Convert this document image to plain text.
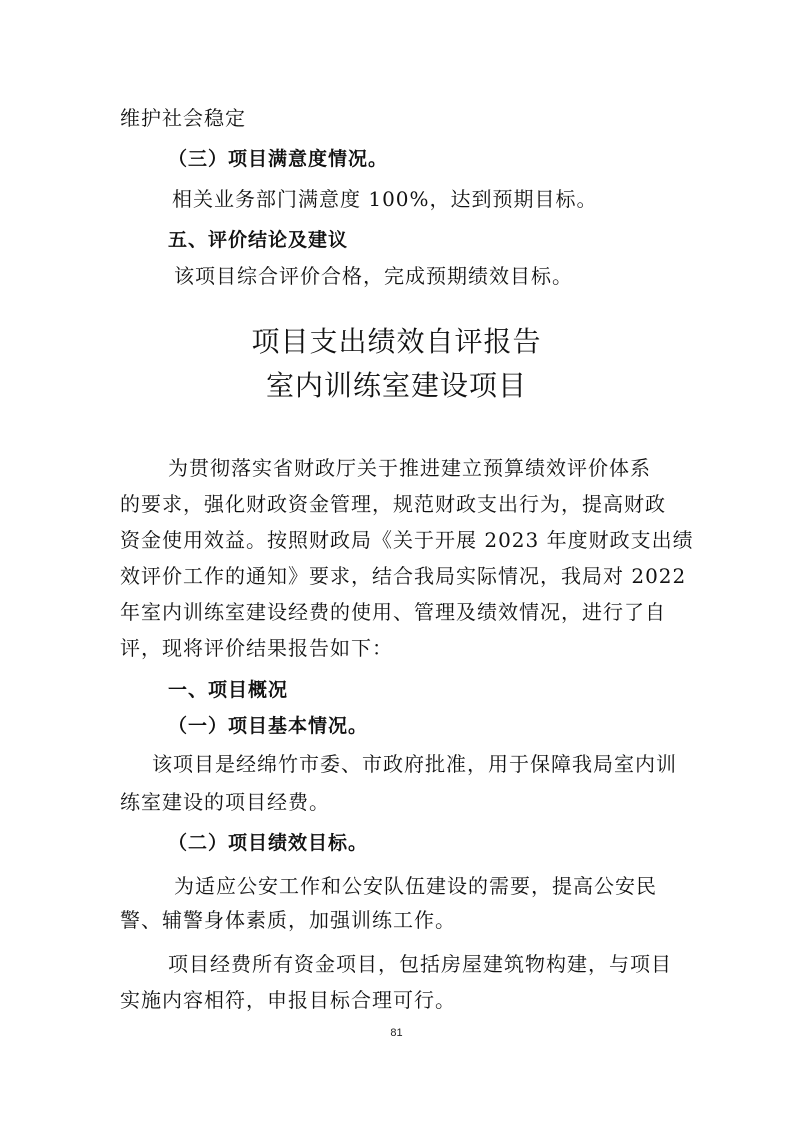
维护社会稳定
（三）项目满意度情况。
相关业务部门满意度 100%，达到预期目标。
五、评价结论及建议
该项目综合评价合格，完成预期绩效目标。
项目支出绩效自评报告
室内训练室建设项目
为贯彻落实省财政厅关于推进建立预算绩效评价体系
的要求，强化财政资金管理，规范财政支出行为，提高财政
资金使用效益。按照财政局《关于开展 2023 年度财政支出绩
效评价工作的通知》要求，结合我局实际情况，我局对 2022
年室内训练室建设经费的使用、管理及绩效情况，进行了自
评，现将评价结果报告如下：
一、项目概况
（一）项目基本情况。
该项目是经绵竹市委、市政府批准，用于保障我局室内训
练室建设的项目经费。
（二）项目绩效目标。
为适应公安工作和公安队伍建设的需要，提高公安民
警、辅警身体素质，加强训练工作。
项目经费所有资金项目，包括房屋建筑物构建，与项目
实施内容相符，申报目标合理可行。
81
